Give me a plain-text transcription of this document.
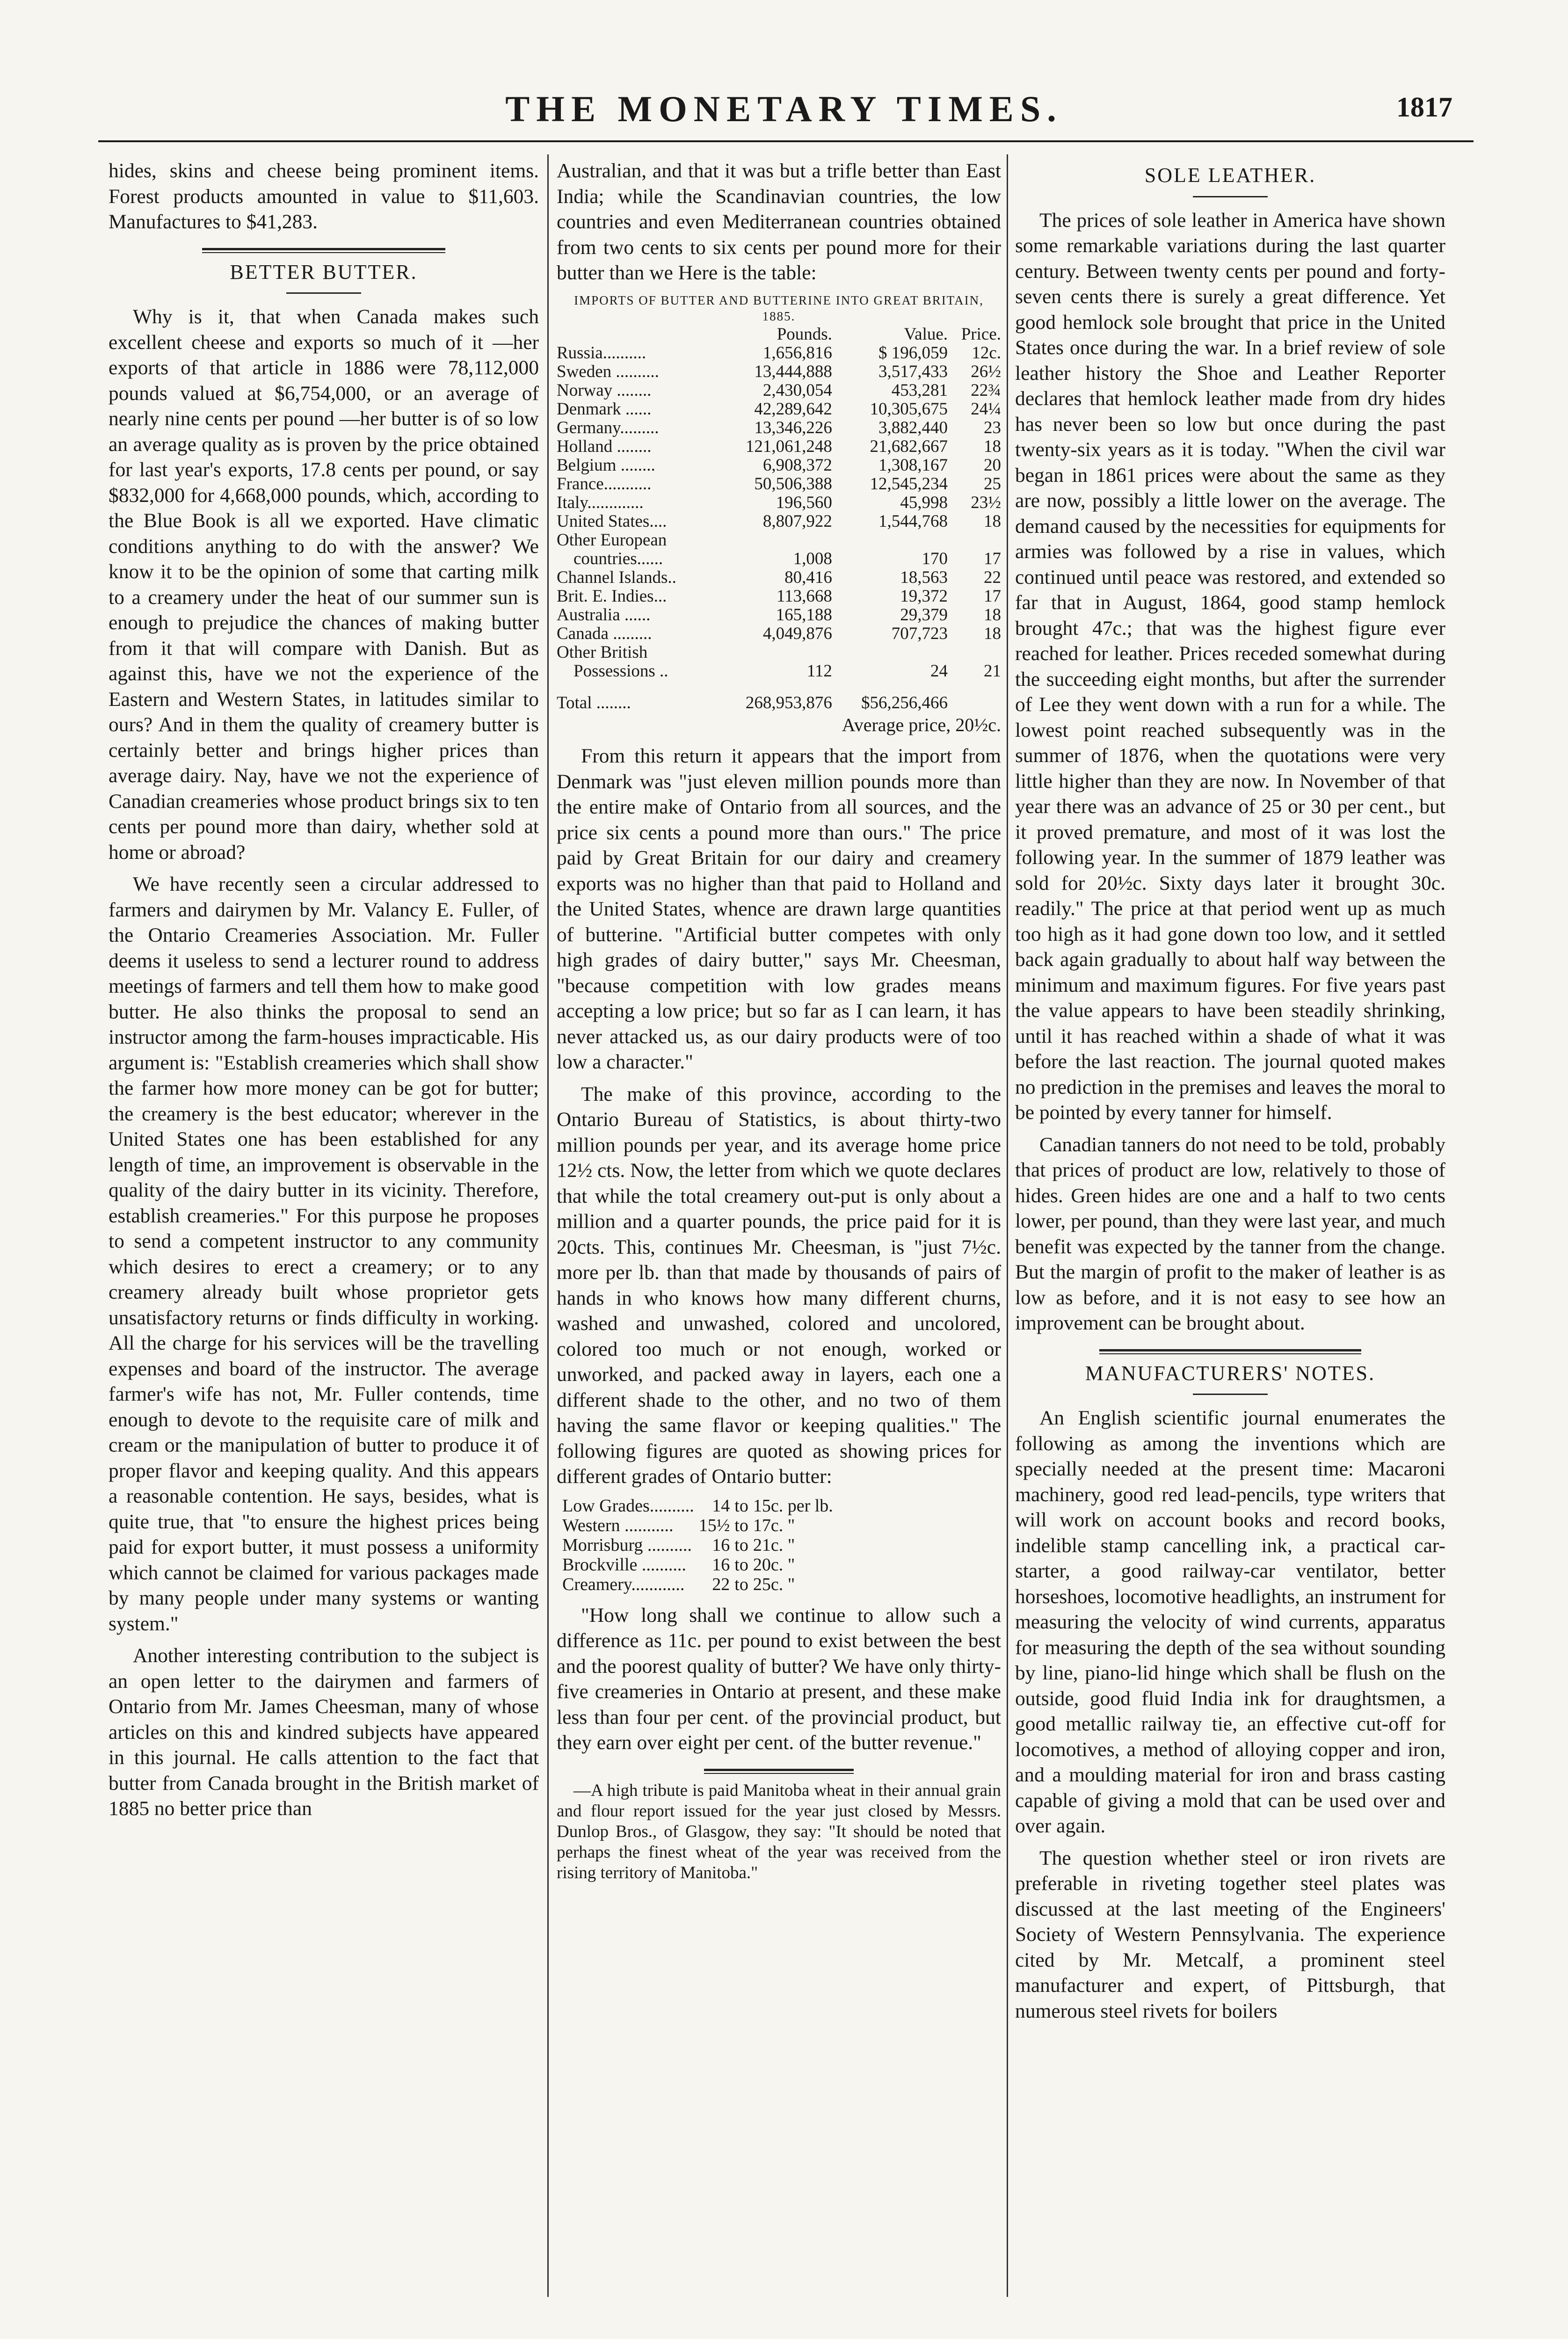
THE MONETARY TIMES.	1817

hides, skins and cheese being prominent items. Forest products amounted in value to $11,603. Manufactures to $41,283.

BETTER BUTTER.

Why is it, that when Canada makes such excellent cheese and exports so much of it —her exports of that article in 1886 were 78,112,000 pounds valued at $6,754,000, or an average of nearly nine cents per pound —her butter is of so low an average quality as is proven by the price obtained for last year's exports, 17.8 cents per pound, or say $832,000 for 4,668,000 pounds, which, according to the Blue Book is all we exported. Have climatic conditions anything to do with the answer? We know it to be the opinion of some that carting milk to a creamery under the heat of our summer sun is enough to prejudice the chances of making butter from it that will compare with Danish. But as against this, have we not the experience of the Eastern and Western States, in latitudes similar to ours? And in them the quality of creamery butter is certainly better and brings higher prices than average dairy. Nay, have we not the experience of Canadian creameries whose product brings six to ten cents per pound more than dairy, whether sold at home or abroad?

We have recently seen a circular addressed to farmers and dairymen by Mr. Valancy E. Fuller, of the Ontario Creameries Association. Mr. Fuller deems it useless to send a lecturer round to address meetings of farmers and tell them how to make good butter. He also thinks the proposal to send an instructor among the farm-houses impracticable. His argument is: "Establish creameries which shall show the farmer how more money can be got for butter; the creamery is the best educator; wherever in the United States one has been established for any length of time, an improvement is observable in the quality of the dairy butter in its vicinity. Therefore, establish creameries." For this purpose he proposes to send a competent instructor to any community which desires to erect a creamery; or to any creamery already built whose proprietor gets unsatisfactory returns or finds difficulty in working. All the charge for his services will be the travelling expenses and board of the instructor. The average farmer's wife has not, Mr. Fuller contends, time enough to devote to the requisite care of milk and cream or the manipulation of butter to produce it of proper flavor and keeping quality. And this appears a reasonable contention. He says, besides, what is quite true, that "to ensure the highest prices being paid for export butter, it must possess a uniformity which cannot be claimed for various packages made by many people under many systems or wanting system."

Another interesting contribution to the subject is an open letter to the dairymen and farmers of Ontario from Mr. James Cheesman, many of whose articles on this and kindred subjects have appeared in this journal. He calls attention to the fact that butter from Canada brought in the British market of 1885 no better price than

Australian, and that it was but a trifle better than East India; while the Scandinavian countries, the low countries and even Mediterranean countries obtained from two cents to six cents per pound more for their butter than we Here is the table:

IMPORTS OF BUTTER AND BUTTERINE INTO GREAT BRITAIN, 1885.
	Pounds.	Value.	Price.
Russia..........	1,656,816	$ 196,059	12c.
Sweden ..........	13,444,888	3,517,433	26½
Norway ........	2,430,054	453,281	22¾
Denmark ......	42,289,642	10,305,675	24¼
Germany.........	13,346,226	3,882,440	23
Holland ........	121,061,248	21,682,667	18
Belgium ........	6,908,372	1,308,167	20
France...........	50,506,388	12,545,234	25
Italy.............	196,560	45,998	23½
United States....	8,807,922	1,544,768	18
Other European			
countries......	1,008	170	17
Channel Islands..	80,416	18,563	22
Brit. E. Indies...	113,668	19,372	17
Australia ......	165,188	29,379	18
Canada .........	4,049,876	707,723	18
Other British			
Possessions ..	112	24	21
Total ........	268,953,876	$56,256,466	
Average price, 20½c.

From this return it appears that the import from Denmark was "just eleven million pounds more than the entire make of Ontario from all sources, and the price six cents a pound more than ours." The price paid by Great Britain for our dairy and creamery exports was no higher than that paid to Holland and the United States, whence are drawn large quantities of butterine. "Artificial butter competes with only high grades of dairy butter," says Mr. Cheesman, "because competition with low grades means accepting a low price; but so far as I can learn, it has never attacked us, as our dairy products were of too low a character."

The make of this province, according to the Ontario Bureau of Statistics, is about thirty-two million pounds per year, and its average home price 12½ cts. Now, the letter from which we quote declares that while the total creamery out-put is only about a million and a quarter pounds, the price paid for it is 20cts. This, continues Mr. Cheesman, is "just 7½c. more per lb. than that made by thousands of pairs of hands in who knows how many different churns, washed and unwashed, colored and uncolored, colored too much or not enough, worked or unworked, and packed away in layers, each one a different shade to the other, and no two of them having the same flavor or keeping qualities." The following figures are quoted as showing prices for different grades of Ontario butter:

Low Grades..........	14	to	15c. per lb.
Western ...........	15½	to	17c. "
Morrisburg ..........	16	to	21c. "
Brockville ..........	16	to	20c. "
Creamery............	22	to	25c. "

"How long shall we continue to allow such a difference as 11c. per pound to exist between the best and the poorest quality of butter? We have only thirty-five creameries in Ontario at present, and these make less than four per cent. of the provincial product, but they earn over eight per cent. of the butter revenue."

—A high tribute is paid Manitoba wheat in their annual grain and flour report issued for the year just closed by Messrs. Dunlop Bros., of Glasgow, they say: "It should be noted that perhaps the finest wheat of the year was received from the rising territory of Manitoba."

SOLE LEATHER.

The prices of sole leather in America have shown some remarkable variations during the last quarter century. Between twenty cents per pound and forty-seven cents there is surely a great difference. Yet good hemlock sole brought that price in the United States once during the war. In a brief review of sole leather history the Shoe and Leather Reporter declares that hemlock leather made from dry hides has never been so low but once during the past twenty-six years as it is today. "When the civil war began in 1861 prices were about the same as they are now, possibly a little lower on the average. The demand caused by the necessities for equipments for armies was followed by a rise in values, which continued until peace was restored, and extended so far that in August, 1864, good stamp hemlock brought 47c.; that was the highest figure ever reached for leather. Prices receded somewhat during the succeeding eight months, but after the surrender of Lee they went down with a run for a while. The lowest point reached subsequently was in the summer of 1876, when the quotations were very little higher than they are now. In November of that year there was an advance of 25 or 30 per cent., but it proved premature, and most of it was lost the following year. In the summer of 1879 leather was sold for 20½c. Sixty days later it brought 30c. readily." The price at that period went up as much too high as it had gone down too low, and it settled back again gradually to about half way between the minimum and maximum figures. For five years past the value appears to have been steadily shrinking, until it has reached within a shade of what it was before the last reaction. The journal quoted makes no prediction in the premises and leaves the moral to be pointed by every tanner for himself.

Canadian tanners do not need to be told, probably that prices of product are low, relatively to those of hides. Green hides are one and a half to two cents lower, per pound, than they were last year, and much benefit was expected by the tanner from the change. But the margin of profit to the maker of leather is as low as before, and it is not easy to see how an improvement can be brought about.

MANUFACTURERS' NOTES.

An English scientific journal enumerates the following as among the inventions which are specially needed at the present time: Macaroni machinery, good red lead-pencils, type writers that will work on account books and record books, indelible stamp cancelling ink, a practical car-starter, a good railway-car ventilator, better horseshoes, locomotive headlights, an instrument for measuring the velocity of wind currents, apparatus for measuring the depth of the sea without sounding by line, piano-lid hinge which shall be flush on the outside, good fluid India ink for draughtsmen, a good metallic railway tie, an effective cut-off for locomotives, a method of alloying copper and iron, and a moulding material for iron and brass casting capable of giving a mold that can be used over and over again.

The question whether steel or iron rivets are preferable in riveting together steel plates was discussed at the last meeting of the Engineers' Society of Western Pennsylvania. The experience cited by Mr. Metcalf, a prominent steel manufacturer and expert, of Pittsburgh, that numerous steel rivets for boilers
